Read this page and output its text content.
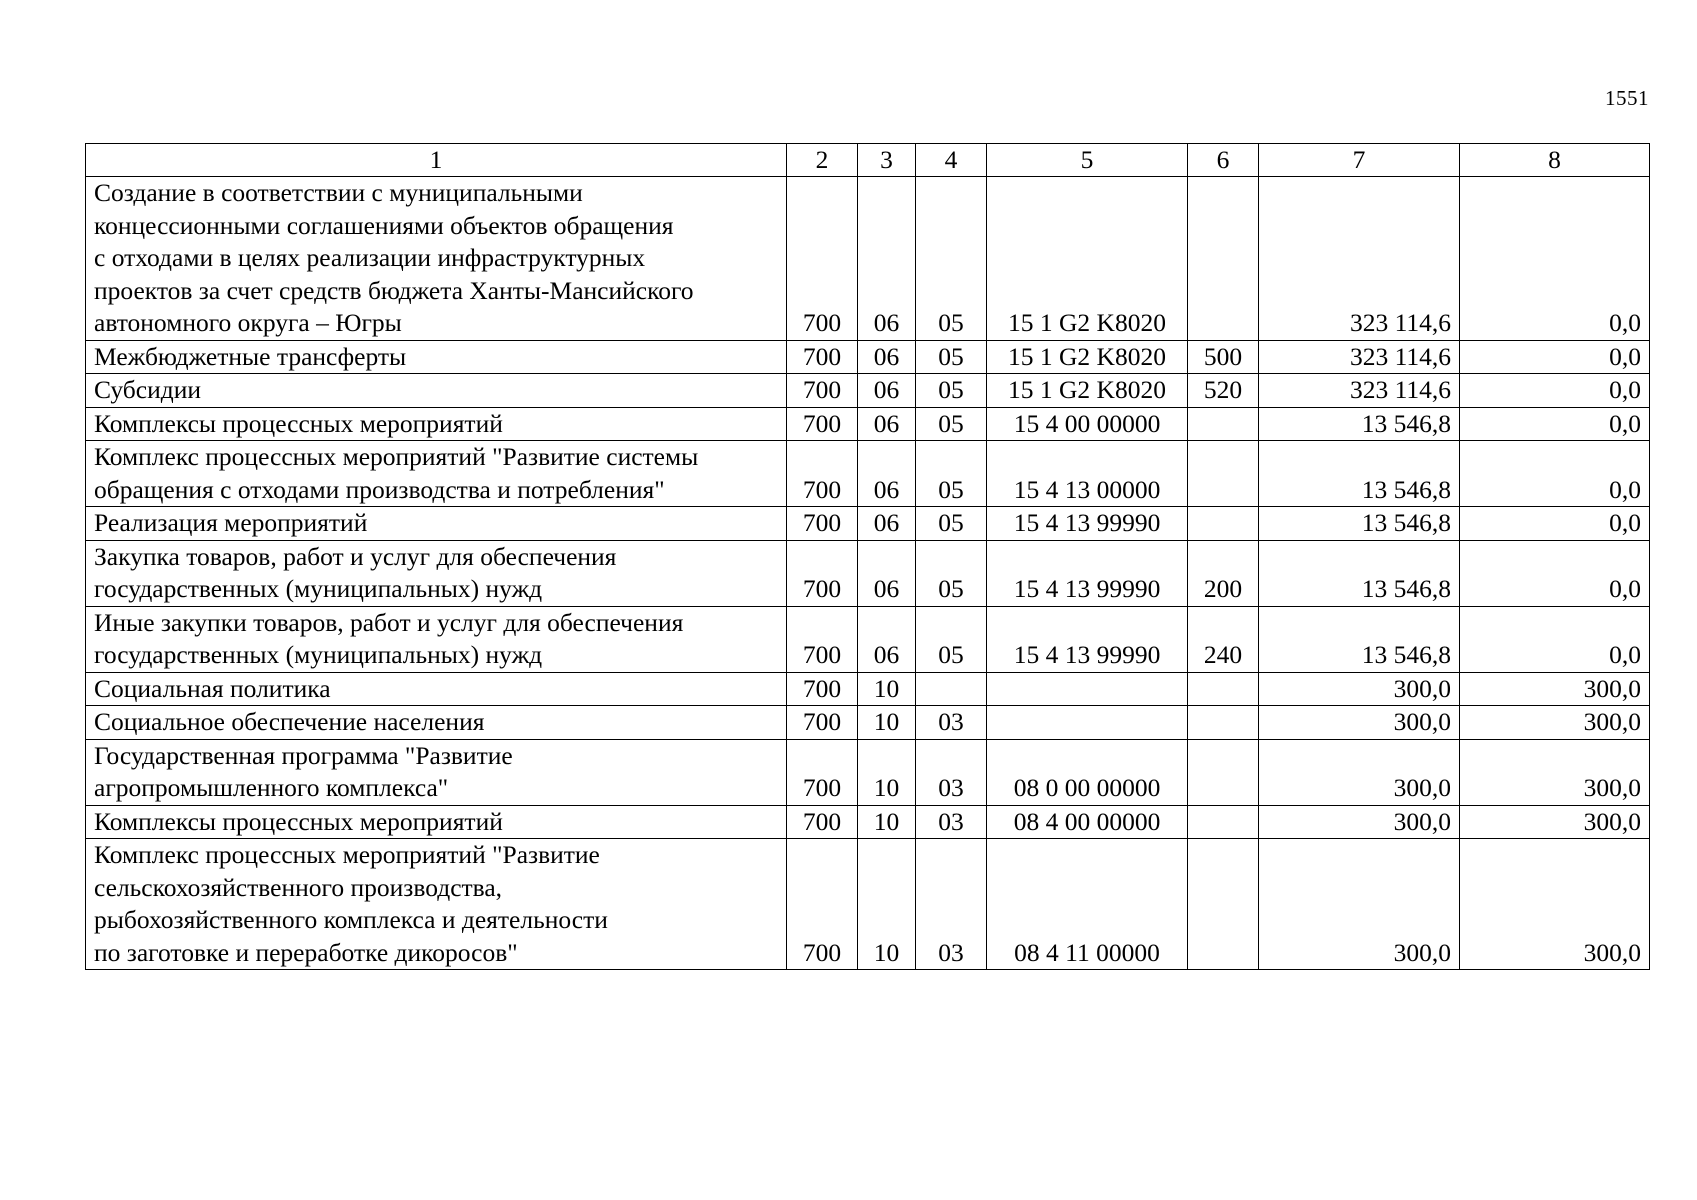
1551
1	2	3	4	5	6	7	8
Создание в соответствии с муниципальными
концессионными соглашениями объектов обращения
с отходами в целях реализации инфраструктурных
проектов за счет средств бюджета Ханты-Мансийского
автономного округа – Югры	700	06	05	15 1 G2 K8020		323 114,6	0,0
Межбюджетные трансферты	700	06	05	15 1 G2 K8020	500	323 114,6	0,0
Субсидии	700	06	05	15 1 G2 K8020	520	323 114,6	0,0
Комплексы процессных мероприятий	700	06	05	15 4 00 00000		13 546,8	0,0
Комплекс процессных мероприятий "Развитие системы
обращения с отходами производства и потребления"	700	06	05	15 4 13 00000		13 546,8	0,0
Реализация мероприятий	700	06	05	15 4 13 99990		13 546,8	0,0
Закупка товаров, работ и услуг для обеспечения
государственных (муниципальных) нужд	700	06	05	15 4 13 99990	200	13 546,8	0,0
Иные закупки товаров, работ и услуг для обеспечения
государственных (муниципальных) нужд	700	06	05	15 4 13 99990	240	13 546,8	0,0
Социальная политика	700	10				300,0	300,0
Социальное обеспечение населения	700	10	03			300,0	300,0
Государственная программа "Развитие
агропромышленного комплекса"	700	10	03	08 0 00 00000		300,0	300,0
Комплексы процессных мероприятий	700	10	03	08 4 00 00000		300,0	300,0
Комплекс процессных мероприятий "Развитие
сельскохозяйственного производства,
рыбохозяйственного комплекса и деятельности
по заготовке и переработке дикоросов"	700	10	03	08 4 11 00000		300,0	300,0
